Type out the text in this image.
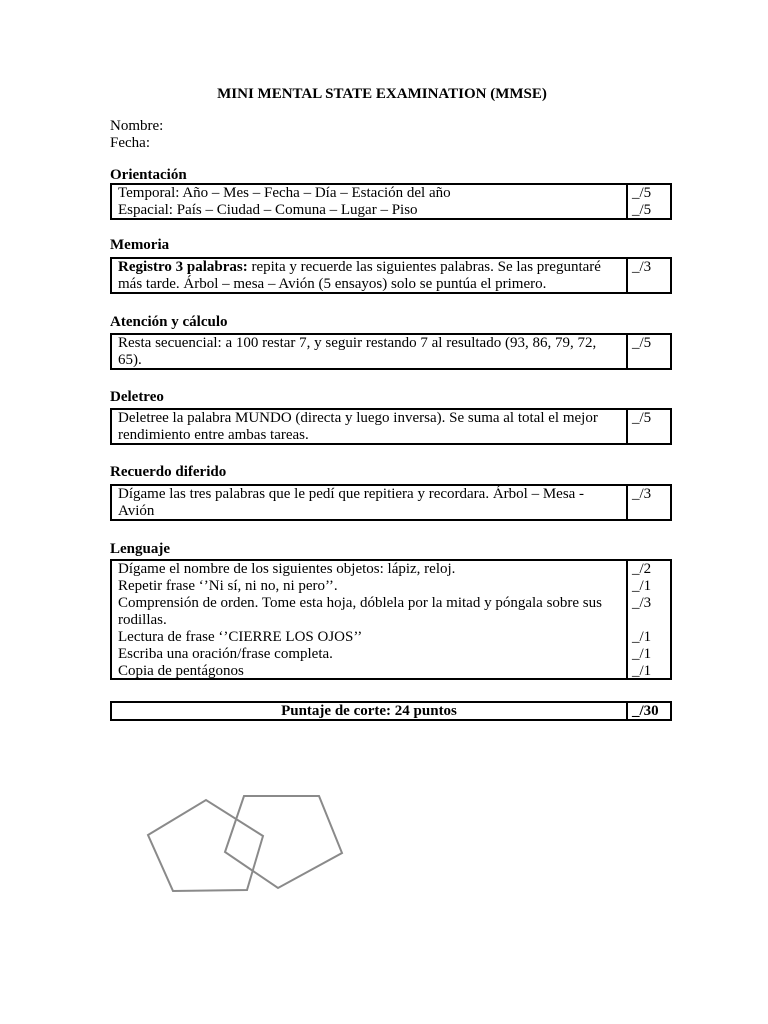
MINI MENTAL STATE EXAMINATION (MMSE)
Nombre:
Fecha:
Orientación
Temporal: Año – Mes – Fecha – Día – Estación del año
Espacial: País – Ciudad – Comuna – Lugar – Piso
_/5
_/5
Memoria
Registro 3 palabras: repita y recuerde las siguientes palabras. Se las preguntaré más tarde. Árbol – mesa – Avión (5 ensayos) solo se puntúa el primero.
_/3
Atención y cálculo
Resta secuencial: a 100 restar 7, y seguir restando 7 al resultado (93, 86, 79, 72, 65).
_/5
Deletreo
Deletree la palabra MUNDO (directa y luego inversa). Se suma al total el mejor rendimiento entre ambas tareas.
_/5
Recuerdo diferido
Dígame las tres palabras que le pedí que repitiera y recordara. Árbol – Mesa - Avión
_/3
Lenguaje
Dígame el nombre de los siguientes objetos: lápiz, reloj.
Repetir frase ‘’Ni sí, ni no, ni pero’’.
Comprensión de orden. Tome esta hoja, dóblela por la mitad y póngala sobre sus rodillas.
Lectura de frase ‘’CIERRE LOS OJOS’’
Escriba una oración/frase completa.
Copia de pentágonos
_/2
_/1
_/3

_/1
_/1
_/1
Puntaje de corte: 24 puntos	_/30
